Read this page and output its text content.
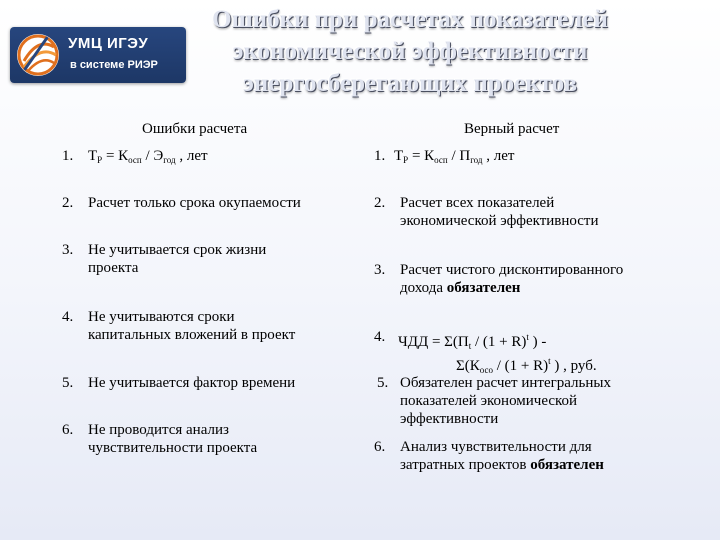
УМЦ ИГЭУ
в системе РИЭР
Ошибки при расчетах показателей
экономической эффективности
энергосберегающих проектов
Ошибки расчета
1. $Т_Р = К_{осп} / Э_{год}$ , лет
2. Расчет только срока окупаемости
3. Не учитывается срок жизни
проекта
4. Не учитываются сроки
капитальных вложений в проект
5. Не учитывается фактор времени
6. Не проводится анализ
чувствительности проекта
Верный расчет
1. $Т_Р = К_{осп} / П_{год}$ , лет
2. Расчет всех показателей
экономической эффективности
3. Расчет чистого дисконтированного
дохода обязателен
4. ЧДД = $\Sigma(П_t / (1 + R)^t$ ) -
$\Sigma(К_{осо} / (1 + R)^t$ ) , руб.
5. Обязателен расчет интегральных
показателей экономической
эффективности
6. Анализ чувствительности для
затратных проектов обязателен
